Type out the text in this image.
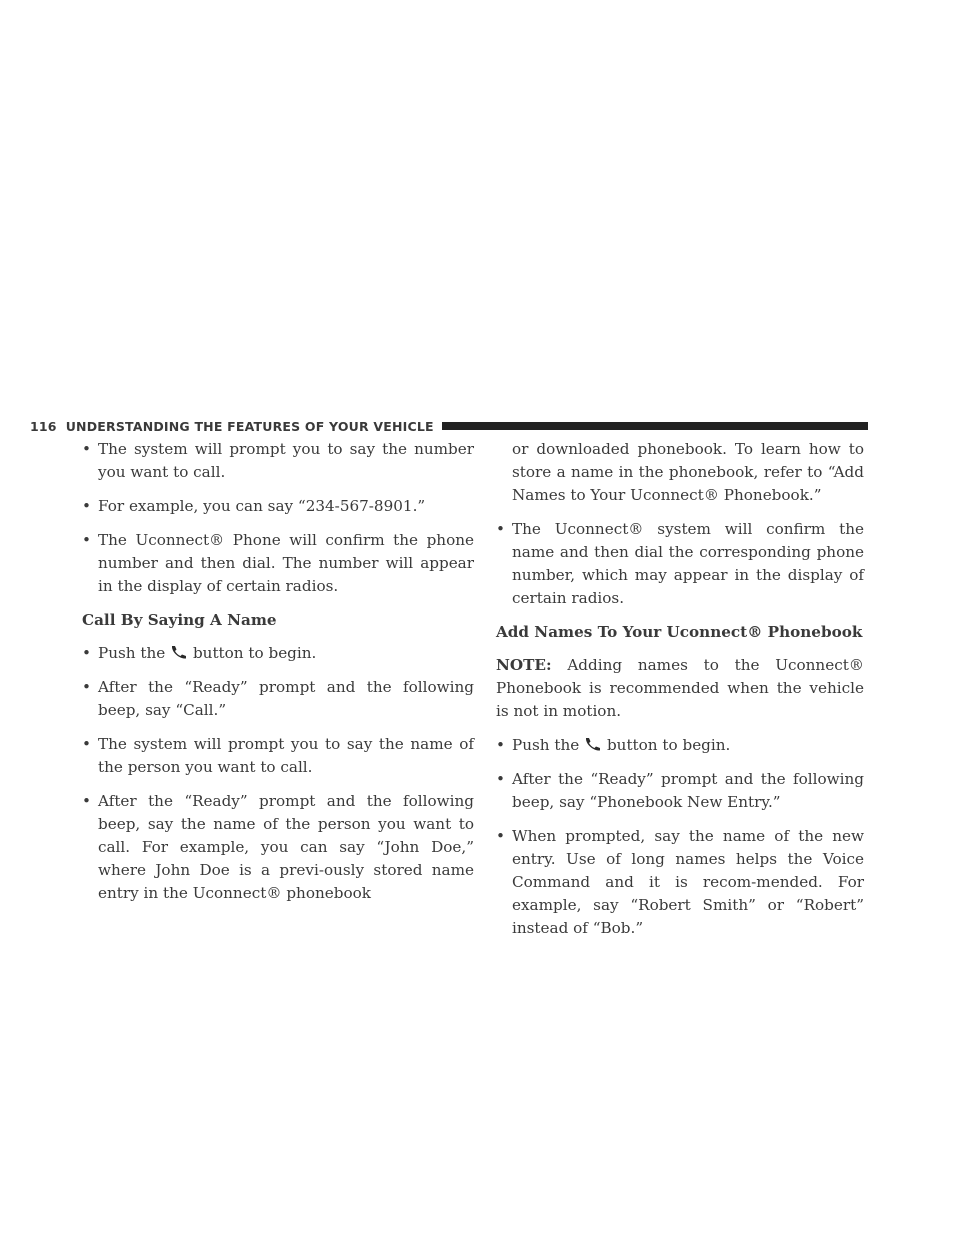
116 UNDERSTANDING THE FEATURES OF YOUR VEHICLE
• The system will prompt you to say the number you want to call.
• For example, you can say “234-567-8901.”
• The Uconnect® Phone will confirm the phone number and then dial. The number will appear in the display of certain radios.
Call By Saying A Name
• Push the button to begin.
• After the “Ready” prompt and the following beep, say “Call.”
• The system will prompt you to say the name of the person you want to call.
• After the “Ready” prompt and the following beep, say the name of the person you want to call. For example, you can say “John Doe,” where John Doe is a previ-ously stored name entry in the Uconnect® phonebook
or downloaded phonebook. To learn how to store a name in the phonebook, refer to “Add Names to Your Uconnect® Phonebook.”
• The Uconnect® system will confirm the name and then dial the corresponding phone number, which may appear in the display of certain radios.
Add Names To Your Uconnect® Phonebook
NOTE: Adding names to the Uconnect® Phonebook is recommended when the vehicle is not in motion.
• Push the button to begin.
• After the “Ready” prompt and the following beep, say “Phonebook New Entry.”
• When prompted, say the name of the new entry. Use of long names helps the Voice Command and it is recom-mended. For example, say “Robert Smith” or “Robert” instead of “Bob.”
